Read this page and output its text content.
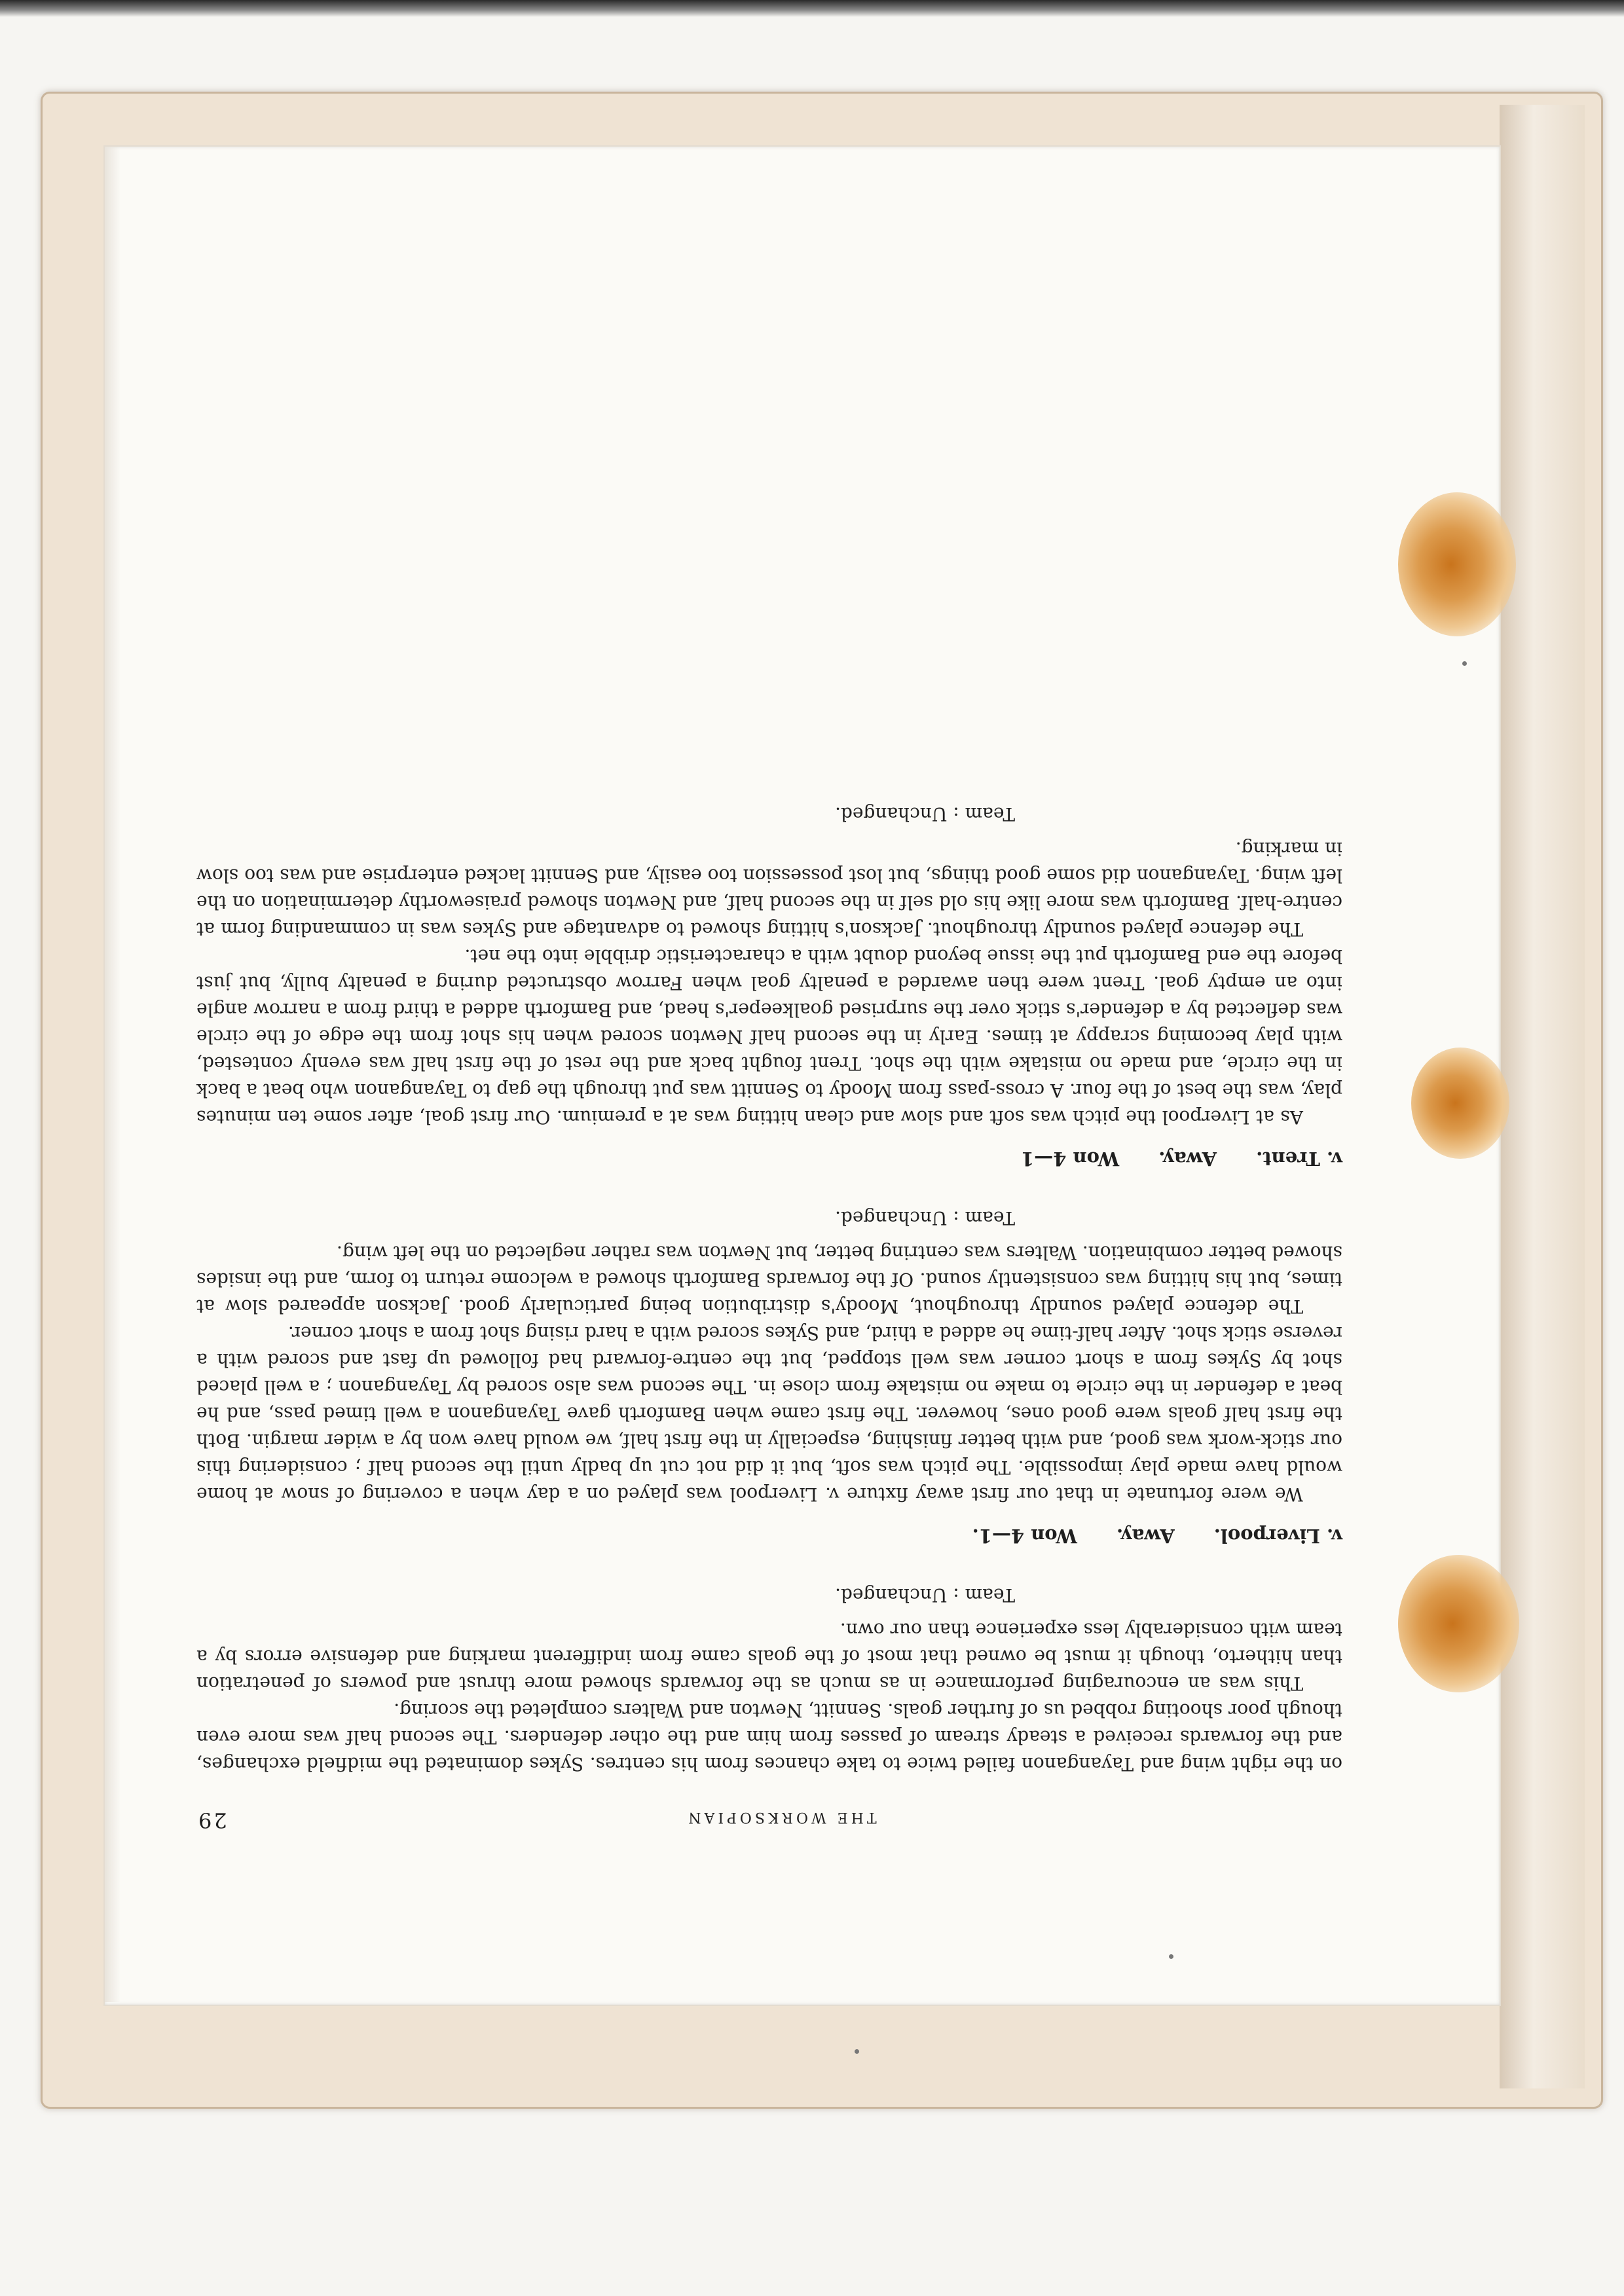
THE WORKSOPIAN
29

on the right wing and Tayanganon failed twice to take chances from his centres. Sykes dominated the midfield exchanges, and the forwards received a steady stream of passes from him and the other defenders. The second half was more even though poor shooting robbed us of further goals. Sennitt, Newton and Walters completed the scoring.

This was an encouraging performance in as much as the forwards showed more thrust and powers of penetration than hitherto, though it must be owned that most of the goals came from indifferent marking and defensive errors by a team with considerably less experience than our own.

Team : Unchanged.

v. Liverpool. Away. Won 4—1.

We were fortunate in that our first away fixture v. Liverpool was played on a day when a covering of snow at home would have made play impossible. The pitch was soft, but it did not cut up badly until the second half ; considering this our stick-work was good, and with better finishing, especially in the first half, we would have won by a wider margin. Both the first half goals were good ones, however. The first came when Bamforth gave Tayanganon a well timed pass, and he beat a defender in the circle to make no mistake from close in. The second was also scored by Tayanganon ; a well placed shot by Sykes from a short corner was well stopped, but the centre-forward had followed up fast and scored with a reverse stick shot. After half-time he added a third, and Sykes scored with a hard rising shot from a short corner.

The defence played soundly throughout, Moody's distribution being particularly good. Jackson appeared slow at times, but his hitting was consistently sound. Of the forwards Bamforth showed a welcome return to form, and the insides showed better combination. Walters was centring better, but Newton was rather neglected on the left wing.

Team : Unchanged.

v. Trent. Away. Won 4—1

As at Liverpool the pitch was soft and slow and clean hitting was at a premium. Our first goal, after some ten minutes play, was the best of the four. A cross-pass from Moody to Sennitt was put through the gap to Tayanganon who beat a back in the circle, and made no mistake with the shot. Trent fought back and the rest of the first half was evenly contested, with play becoming scrappy at times. Early in the second half Newton scored when his shot from the edge of the circle was deflected by a defender's stick over the surprised goalkeeper's head, and Bamforth added a third from a narrow angle into an empty goal. Trent were then awarded a penalty goal when Farrow obstructed during a penalty bully, but just before the end Bamforth put the issue beyond doubt with a characteristic dribble into the net.

The defence played soundly throughout. Jackson's hitting showed to advantage and Sykes was in commanding form at centre-half. Bamforth was more like his old self in the second half, and Newton showed praiseworthy determination on the left wing. Tayanganon did some good things, but lost possession too easily, and Sennitt lacked enterprise and was too slow in marking.

Team : Unchanged.
